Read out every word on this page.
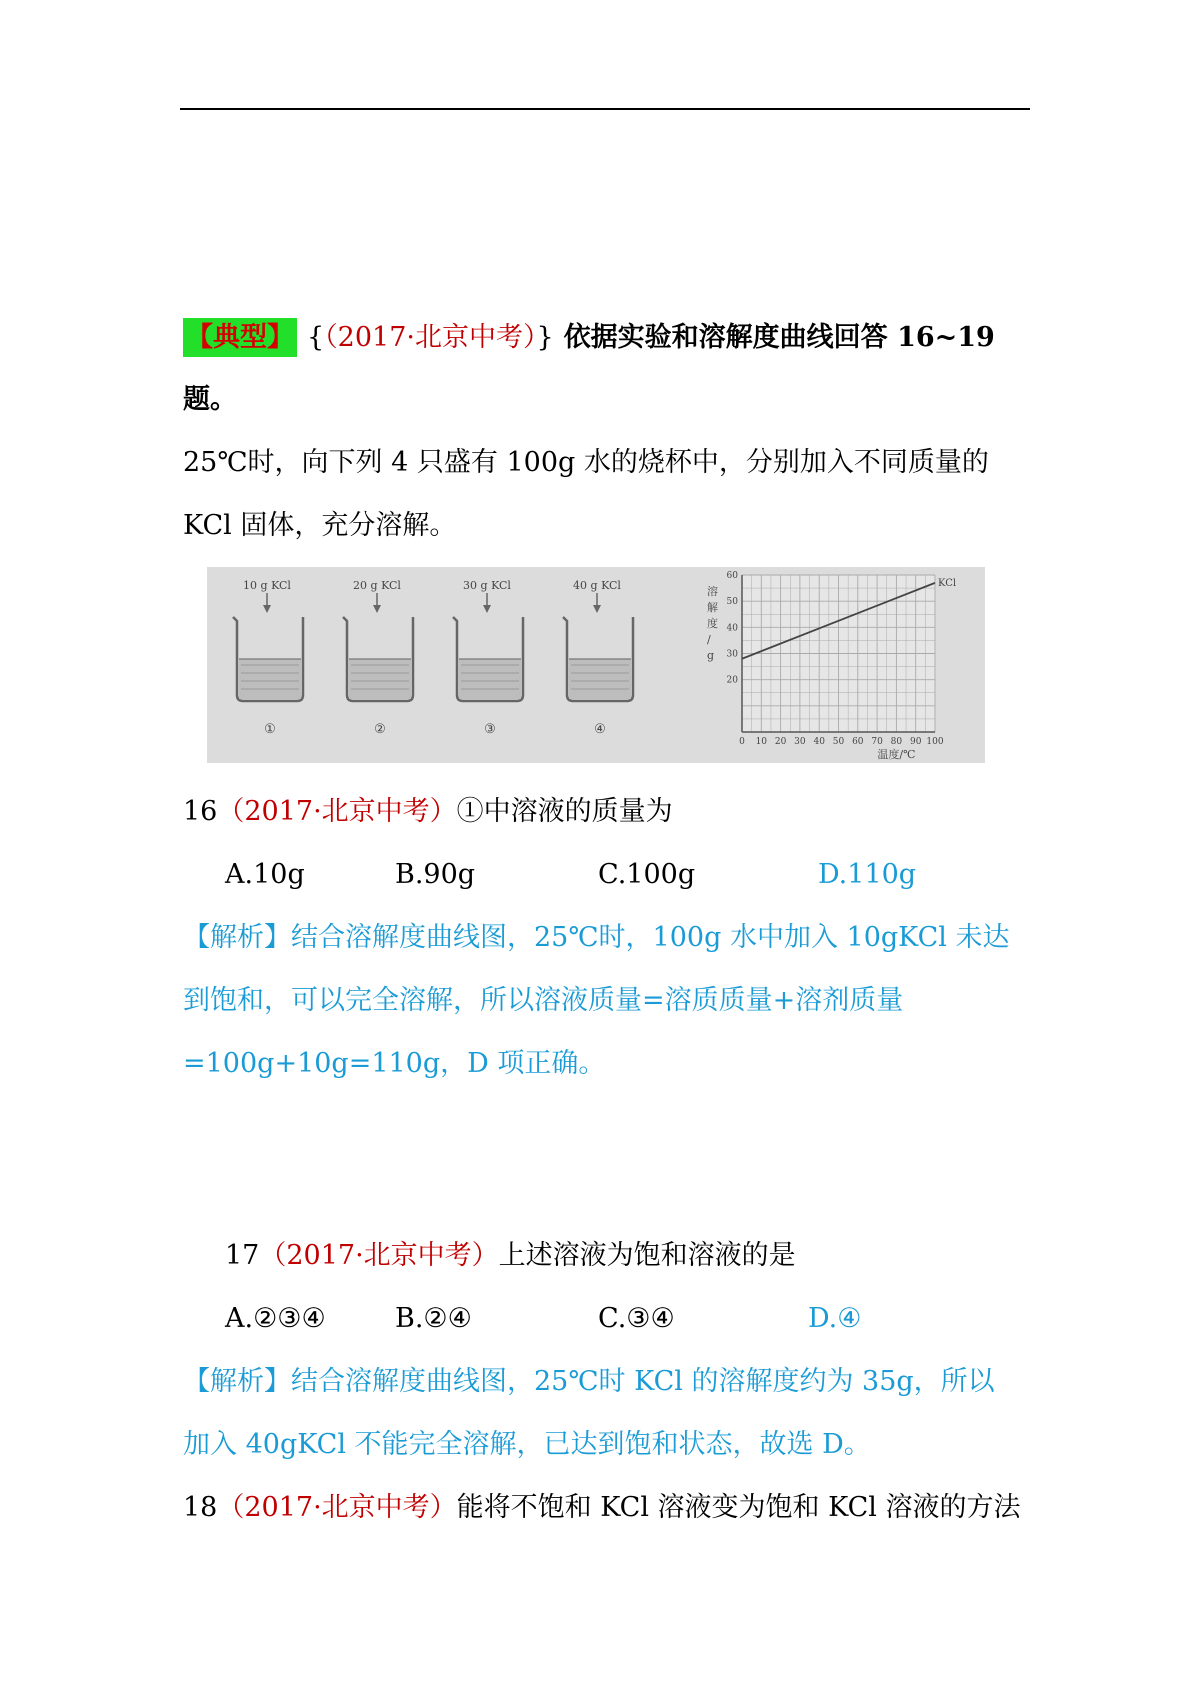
【典型】 {（2017·北京中考）} 依据实验和溶解度曲线回答 16~19
题。
25℃时，向下列 4 只盛有 100g 水的烧杯中，分别加入不同质量的
KCl 固体，充分溶解。
10 g KCl
①
20 g KCl
②
30 g KCl
③
40 g KCl
④
0 10 20 30 40 50 60 70 80 90 100
20
30
40
50
60
KCl
溶解度/ g
温度/℃
16（2017·北京中考）①中溶液的质量为
A.10g	B.90g	C.100g	D.110g
【解析】结合溶解度曲线图，25℃时，100g 水中加入 10gKCl 未达
到饱和，可以完全溶解，所以溶液质量=溶质质量+溶剂质量
=100g+10g=110g，D 项正确。
17（2017·北京中考）上述溶液为饱和溶液的是
A.②③④	B.②④	C.③④	D.④
【解析】结合溶解度曲线图，25℃时 KCl 的溶解度约为 35g，所以
加入 40gKCl 不能完全溶解，已达到饱和状态，故选 D。
18（2017·北京中考）能将不饱和 KCl 溶液变为饱和 KCl 溶液的方法
